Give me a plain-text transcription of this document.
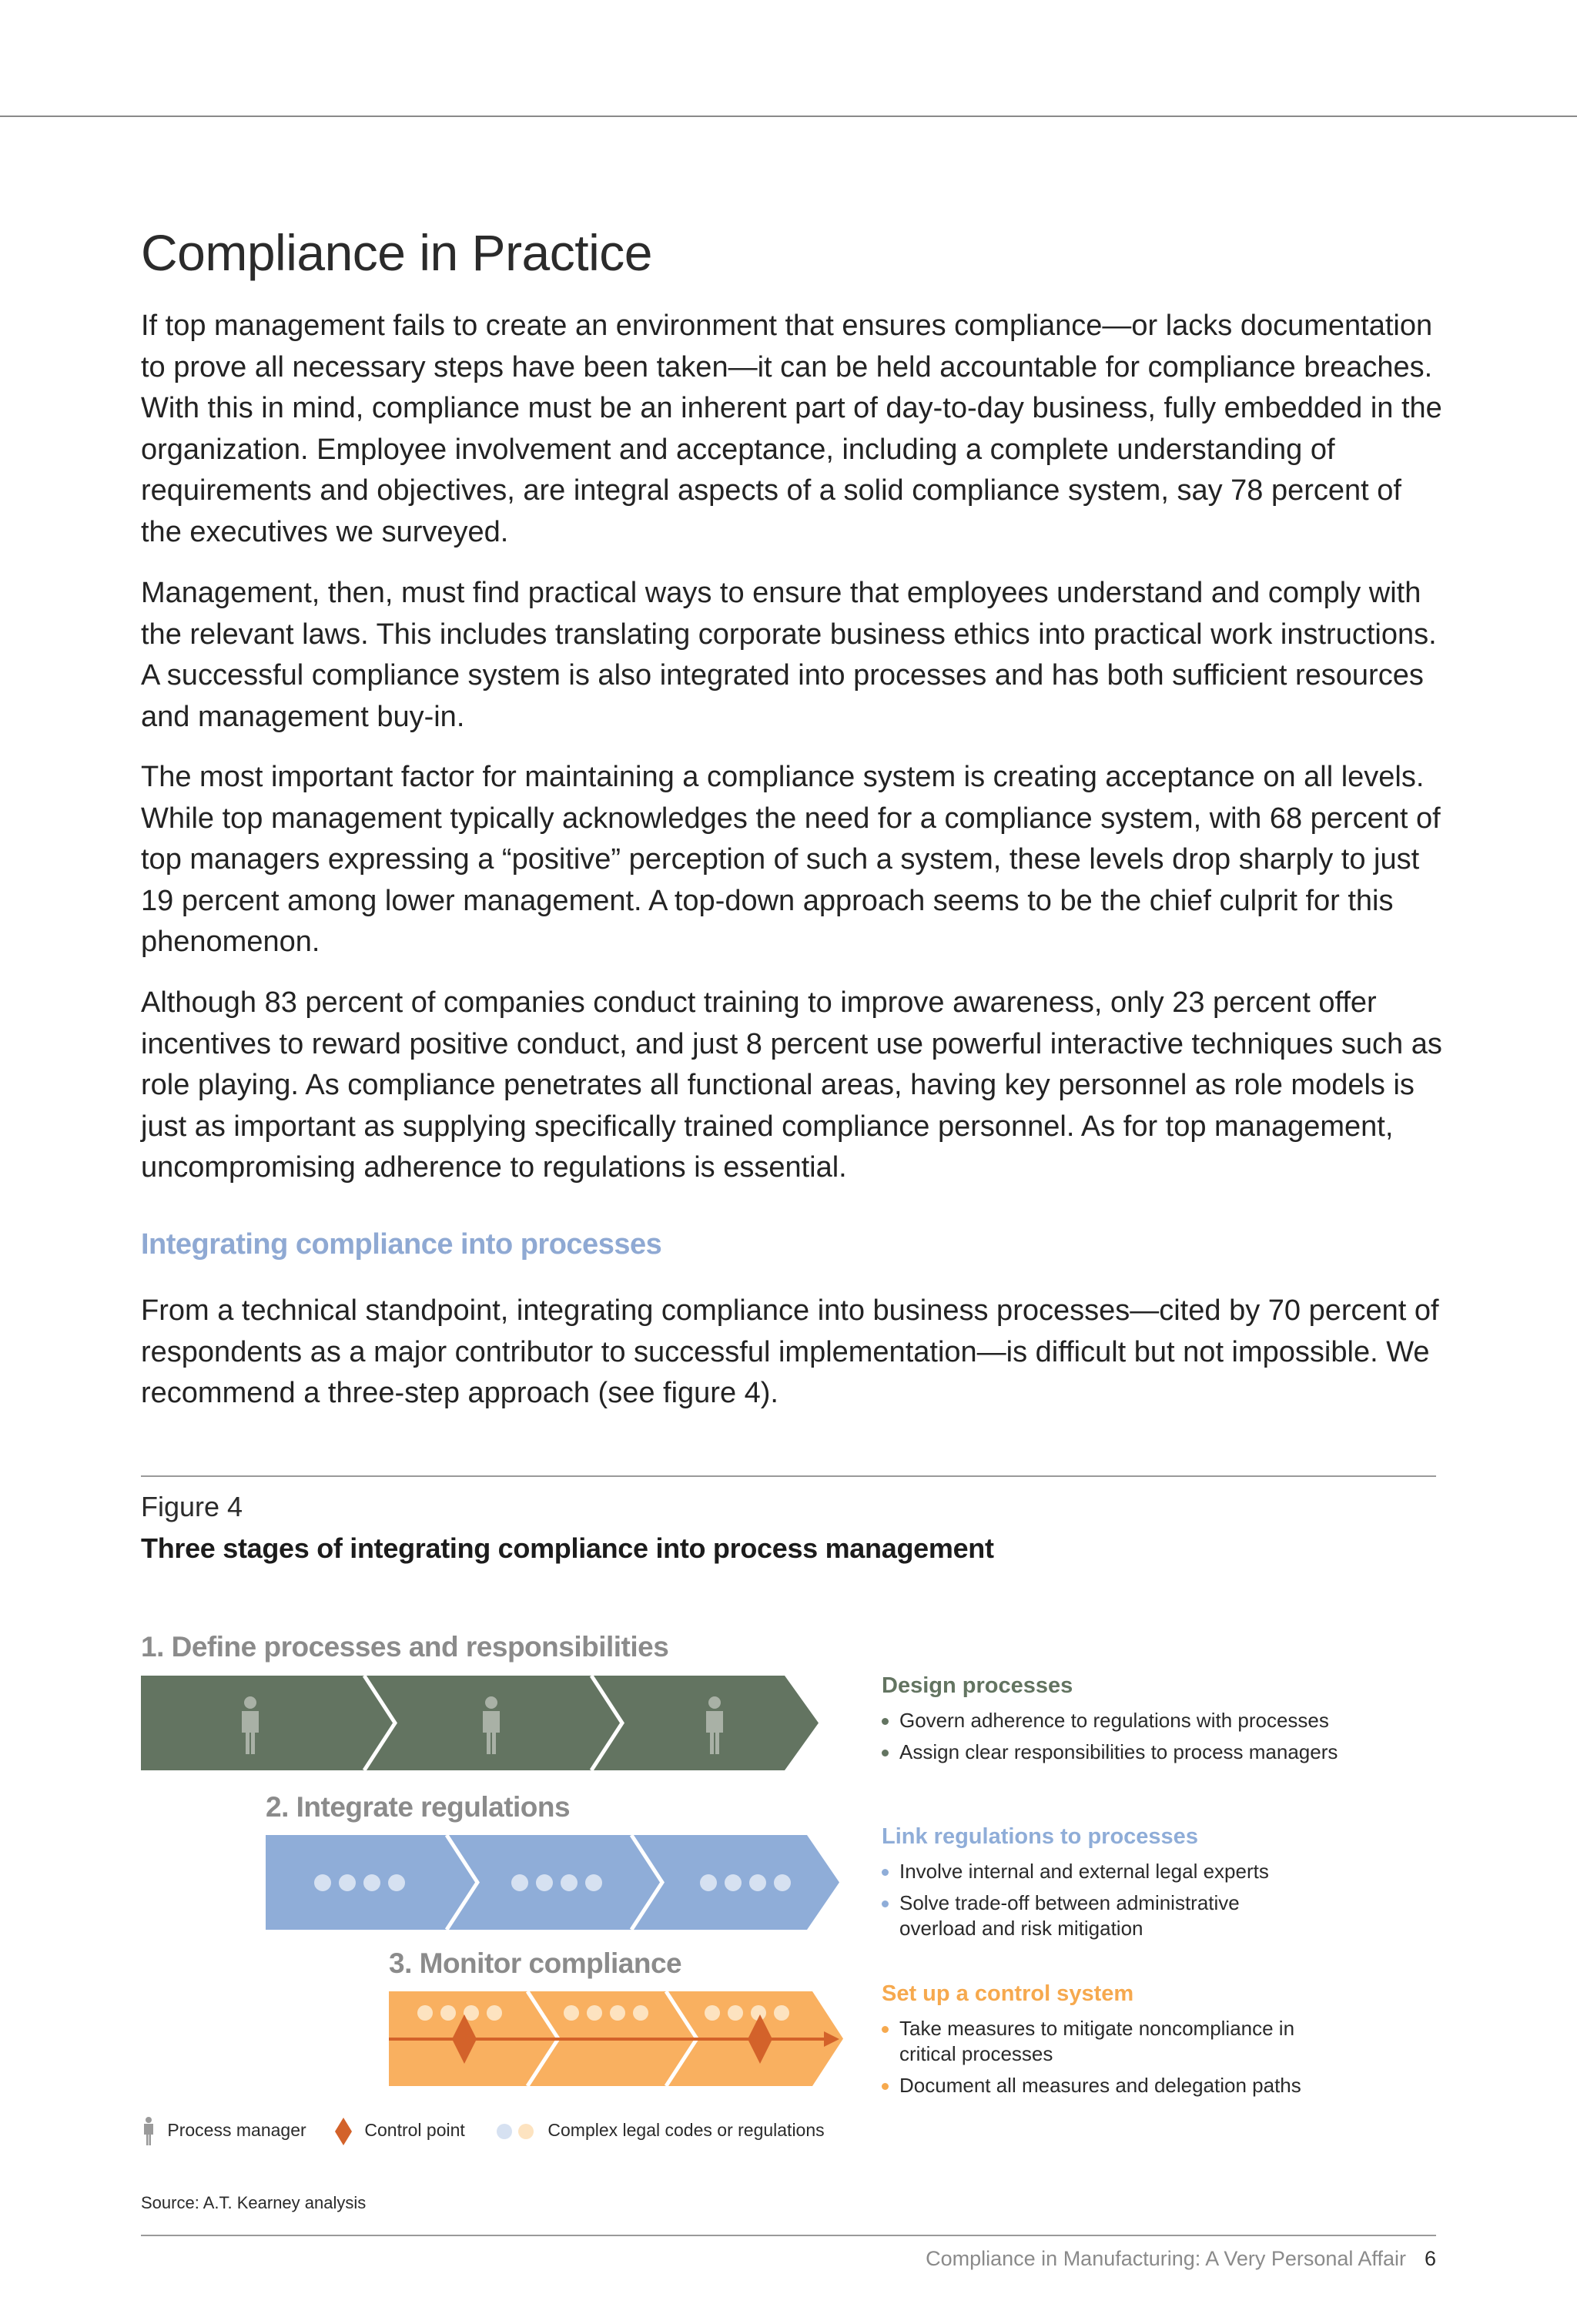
Compliance in Practice

If top management fails to create an environment that ensures compliance—or lacks documentation to prove all necessary steps have been taken—it can be held accountable for compliance breaches. With this in mind, compliance must be an inherent part of day-to-day business, fully embedded in the organization. Employee involvement and acceptance, including a complete understanding of requirements and objectives, are integral aspects of a solid compliance system, say 78 percent of the executives we surveyed.

Management, then, must find practical ways to ensure that employees understand and comply with the relevant laws. This includes translating corporate business ethics into practical work instructions. A successful compliance system is also integrated into processes and has both sufficient resources and management buy-in.

The most important factor for maintaining a compliance system is creating acceptance on all levels. While top management typically acknowledges the need for a compliance system, with 68 percent of top managers expressing a “positive” perception of such a system, these levels drop sharply to just 19 percent among lower management. A top-down approach seems to be the chief culprit for this phenomenon.

Although 83 percent of companies conduct training to improve awareness, only 23 percent offer incentives to reward positive conduct, and just 8 percent use powerful interactive techniques such as role playing. As compliance penetrates all functional areas, having key personnel as role models is just as important as supplying specifically trained compliance personnel. As for top management, uncompromising adherence to regulations is essential.

Integrating compliance into processes

From a technical standpoint, integrating compliance into business processes—cited by 70 percent of respondents as a major contributor to successful implementation—is difficult but not impossible. We recommend a three-step approach (see figure 4).

Figure 4
Three stages of integrating compliance into process management
1. Define processes and responsibilities
Design processes
Govern adherence to regulations with processes
Assign clear responsibilities to process managers
2. Integrate regulations
Link regulations to processes
Involve internal and external legal experts
Solve trade-off between administrative overload and risk mitigation
3. Monitor compliance
Set up a control system
Take measures to mitigate noncompliance in critical processes
Document all measures and delegation paths
Process manager	Control point	Complex legal codes or regulations
Source: A.T. Kearney analysis
Compliance in Manufacturing: A Very Personal Affair 6
